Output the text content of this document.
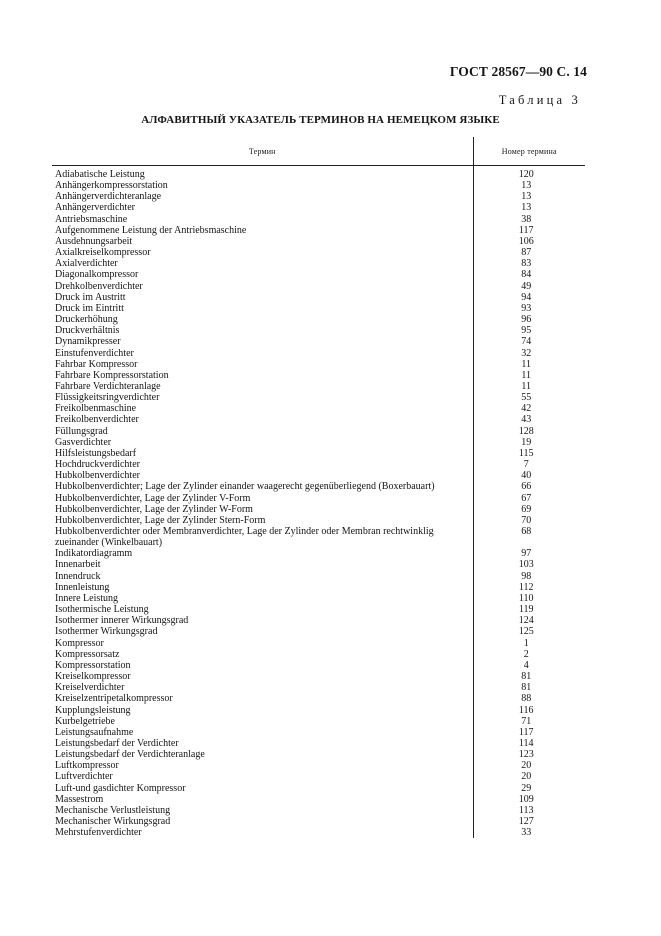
ГОСТ 28567—90 С. 14
Таблица 3
АЛФАВИТНЫЙ УКАЗАТЕЛЬ ТЕРМИНОВ НА НЕМЕЦКОМ ЯЗЫКЕ
Термин	Номер термина
Adiabatische Leistung	120
Anhängerkompressorstation	13
Anhängerverdichteranlage	13
Anhängerverdichter	13
Antriebsmaschine	38
Aufgenommene Leistung der Antriebsmaschine	117
Ausdehnungsarbeit	106
Axialkreiselkompressor	87
Axialverdichter	83
Diagonalkompressor	84
Drehkolbenverdichter	49
Druck im Austritt	94
Druck im Eintritt	93
Druckerhöhung	96
Druckverhältnis	95
Dynamikpresser	74
Einstufenverdichter	32
Fahrbar Kompressor	11
Fahrbare Kompressorstation	11
Fahrbare Verdichteranlage	11
Flüssigkeitsringverdichter	55
Freikolbenmaschine	42
Freikolbenverdichter	43
Füllungsgrad	128
Gasverdichter	19
Hilfsleistungsbedarf	115
Hochdruckverdichter	7
Hubkolbenverdichter	40
Hubkolbenverdichter; Lage der Zylinder einander waagerecht gegenüberliegend (Boxerbauart)	66
Hubkolbenverdichter, Lage der Zylinder V-Form	67
Hubkolbenverdichter, Lage der Zylinder W-Form	69
Hubkolbenverdichter, Lage der Zylinder Stern-Form	70
Hubkolbenverdichter oder Membranverdichter, Lage der Zylinder oder Membran rechtwinklig zueinander (Winkelbauart)	68
Indikatordiagramm	97
Innenarbeit	103
Innendruck	98
Innenleistung	112
Innere Leistung	110
Isothermische Leistung	119
Isothermer innerer Wirkungsgrad	124
Isothermer Wirkungsgrad	125
Kompressor	1
Kompressorsatz	2
Kompressorstation	4
Kreiselkompressor	81
Kreiselverdichter	81
Kreiselzentripetalkompressor	88
Kupplungsleistung	116
Kurbelgetriebe	71
Leistungsaufnahme	117
Leistungsbedarf der Verdichter	114
Leistungsbedarf der Verdichteranlage	123
Luftkompressor	20
Luftverdichter	20
Luft-und gasdichter Kompressor	29
Massestrom	109
Mechanische Verlustleistung	113
Mechanischer Wirkungsgrad	127
Mehrstufenverdichter	33
